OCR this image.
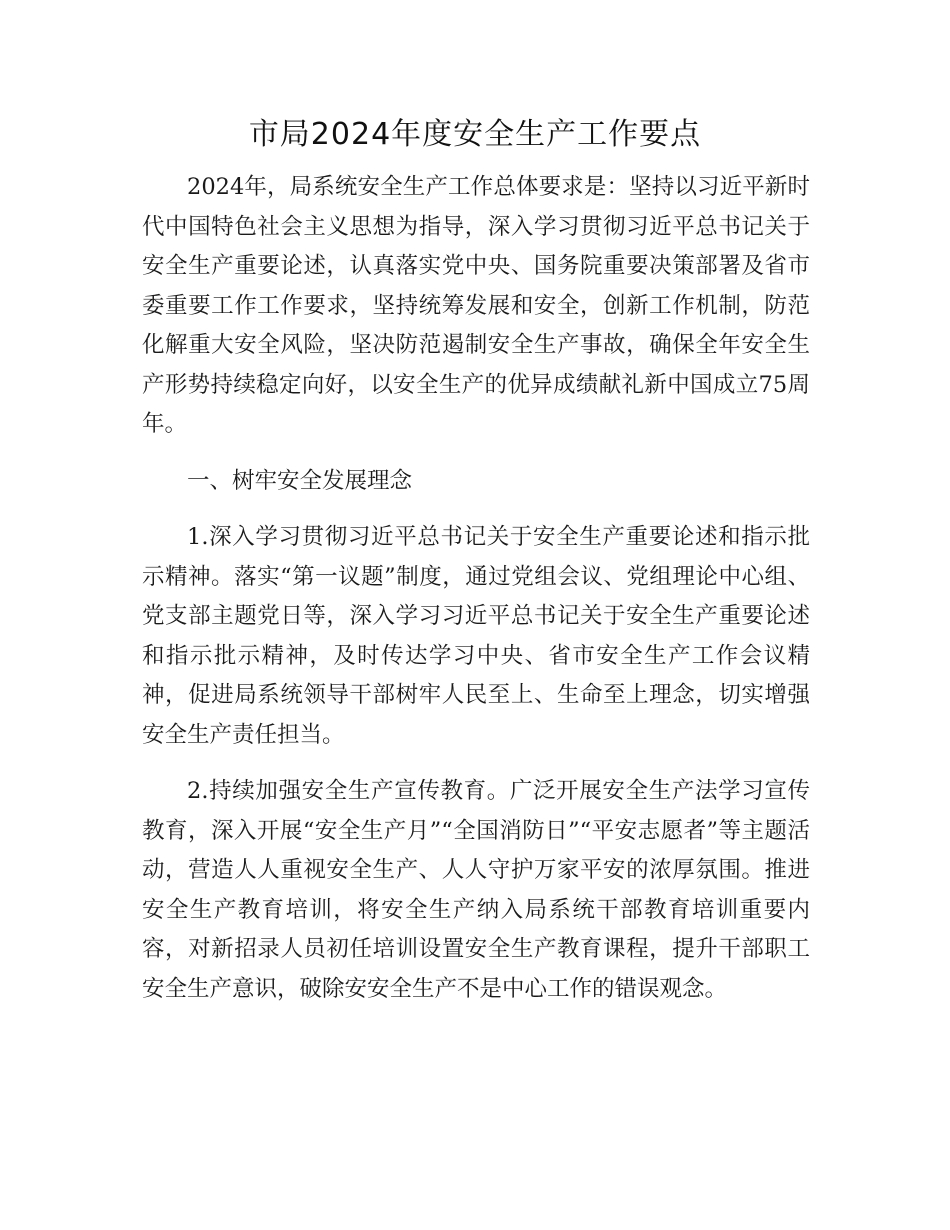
市局2024年度安全生产工作要点

2024年，局系统安全生产工作总体要求是：坚持以习近平新时代中国特色社会主义思想为指导，深入学习贯彻习近平总书记关于安全生产重要论述，认真落实党中央、国务院重要决策部署及省市委重要工作工作要求，坚持统筹发展和安全，创新工作机制，防范化解重大安全风险，坚决防范遏制安全生产事故，确保全年安全生产形势持续稳定向好，以安全生产的优异成绩献礼新中国成立75周年。

一、树牢安全发展理念

1.深入学习贯彻习近平总书记关于安全生产重要论述和指示批示精神。落实“第一议题”制度，通过党组会议、党组理论中心组、党支部主题党日等，深入学习习近平总书记关于安全生产重要论述和指示批示精神，及时传达学习中央、省市安全生产工作会议精神，促进局系统领导干部树牢人民至上、生命至上理念，切实增强安全生产责任担当。

2.持续加强安全生产宣传教育。广泛开展安全生产法学习宣传教育，深入开展“安全生产月”“全国消防日”“平安志愿者”等主题活动，营造人人重视安全生产、人人守护万家平安的浓厚氛围。推进安全生产教育培训，将安全生产纳入局系统干部教育培训重要内容，对新招录人员初任培训设置安全生产教育课程，提升干部职工安全生产意识，破除安安全生产不是中心工作的错误观念。
